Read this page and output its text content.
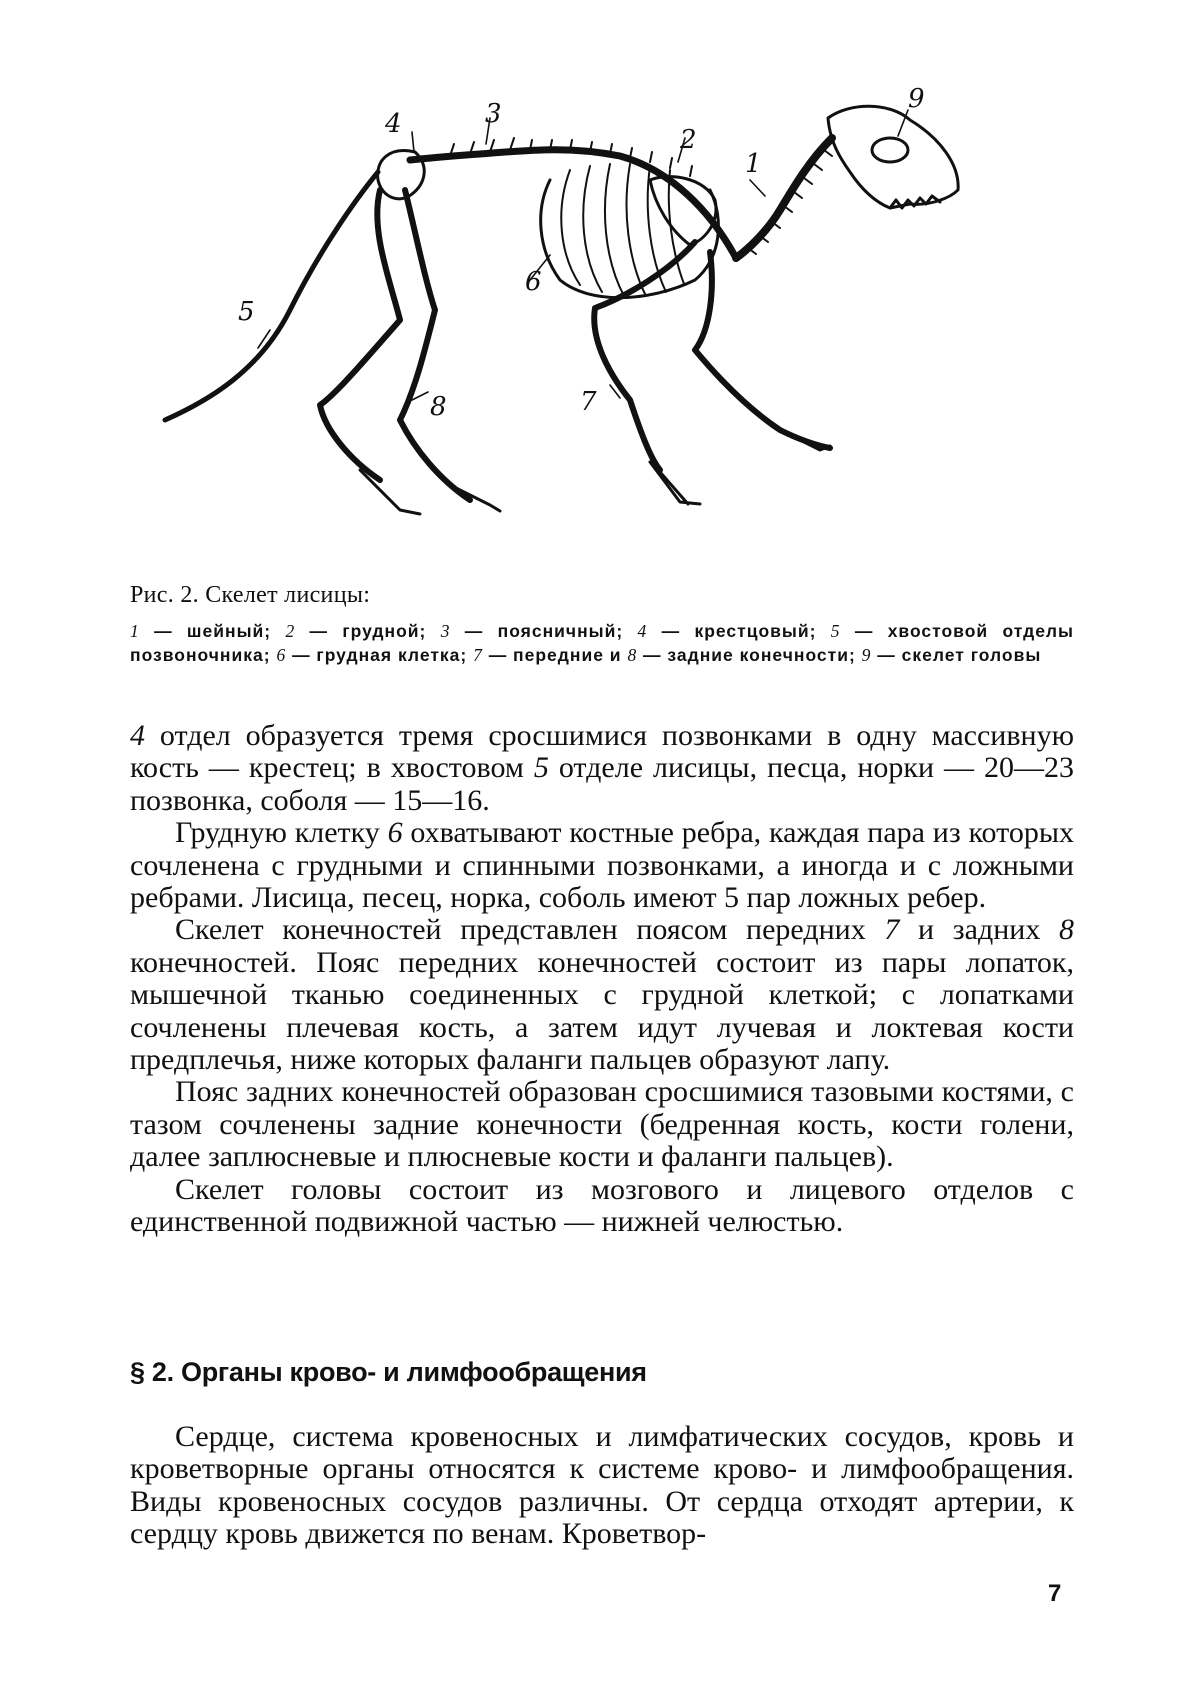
9
2
1
3
4
5
6
7
8

Рис. 2. Скелет лисицы:

1 — шейный; 2 — грудной; 3 — поясничный; 4 — крестцовый; 5 — хвостовой отделы позвоночника; 6 — грудная клетка; 7 — передние и 8 — задние конечности; 9 — скелет головы

4 отдел образуется тремя сросшимися позвонками в одну массивную кость — крестец; в хвостовом 5 отделе лисицы, песца, норки — 20—23 позвонка, соболя — 15—16.

Грудную клетку 6 охватывают костные ребра, каждая пара из которых сочленена с грудными и спинными позвонками, а иногда и с ложными ребрами. Лисица, песец, норка, соболь имеют 5 пар ложных ребер.

Скелет конечностей представлен поясом передних 7 и задних 8 конечностей. Пояс передних конечностей состоит из пары лопаток, мышечной тканью соединенных с грудной клеткой; с лопатками сочленены плечевая кость, а затем идут лучевая и локтевая кости предплечья, ниже которых фаланги пальцев образуют лапу.

Пояс задних конечностей образован сросшимися тазовыми костями, с тазом сочленены задние конечности (бедренная кость, кости голени, далее заплюсневые и плюсневые кости и фаланги пальцев).

Скелет головы состоит из мозгового и лицевого отделов с единственной подвижной частью — нижней челюстью.

§ 2. Органы крово- и лимфообращения

Сердце, система кровеносных и лимфатических сосудов, кровь и кроветворные органы относятся к системе крово- и лимфообращения. Виды кровеносных сосудов различны. От сердца отходят артерии, к сердцу кровь движется по венам. Кроветвор-

7
